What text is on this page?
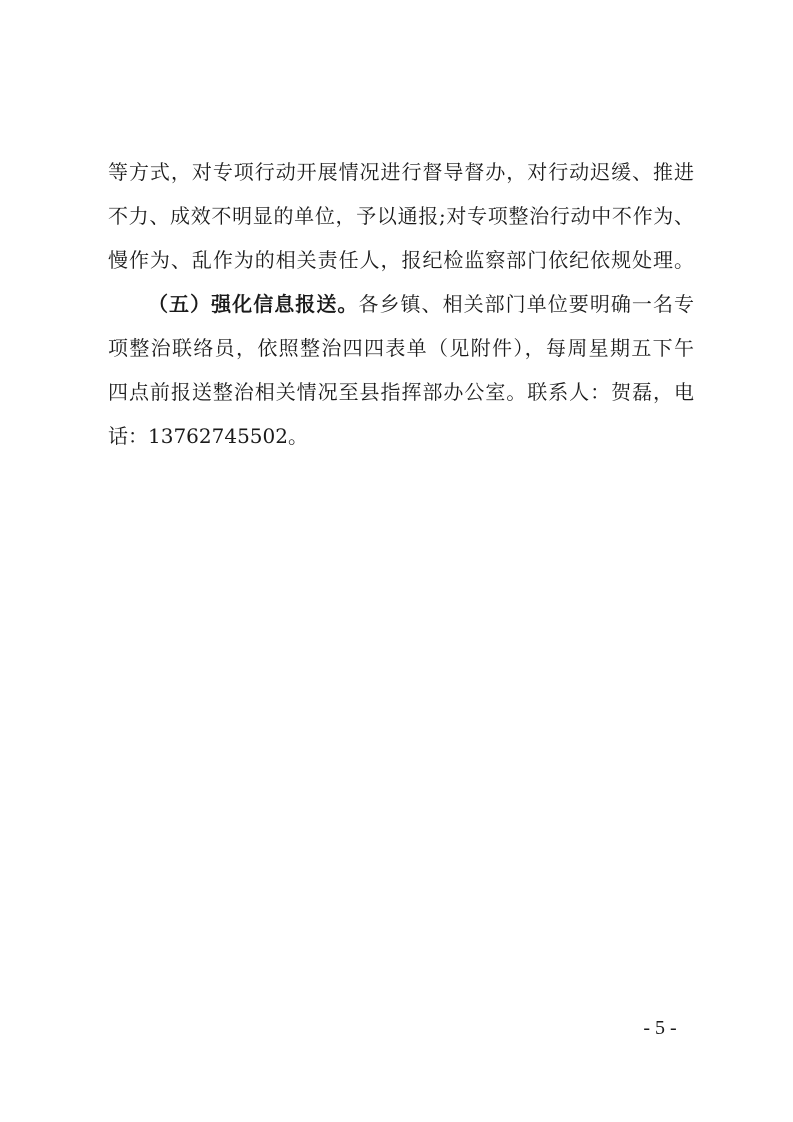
等方式，对专项行动开展情况进行督导督办，对行动迟缓、推进
不力、成效不明显的单位，予以通报;对专项整治行动中不作为、
慢作为、乱作为的相关责任人，报纪检监察部门依纪依规处理。
（五）强化信息报送。各乡镇、相关部门单位要明确一名专
项整治联络员，依照整治四四表单（见附件），每周星期五下午
四点前报送整治相关情况至县指挥部办公室。联系人：贺磊，电
话：13762745502。
- 5 -
